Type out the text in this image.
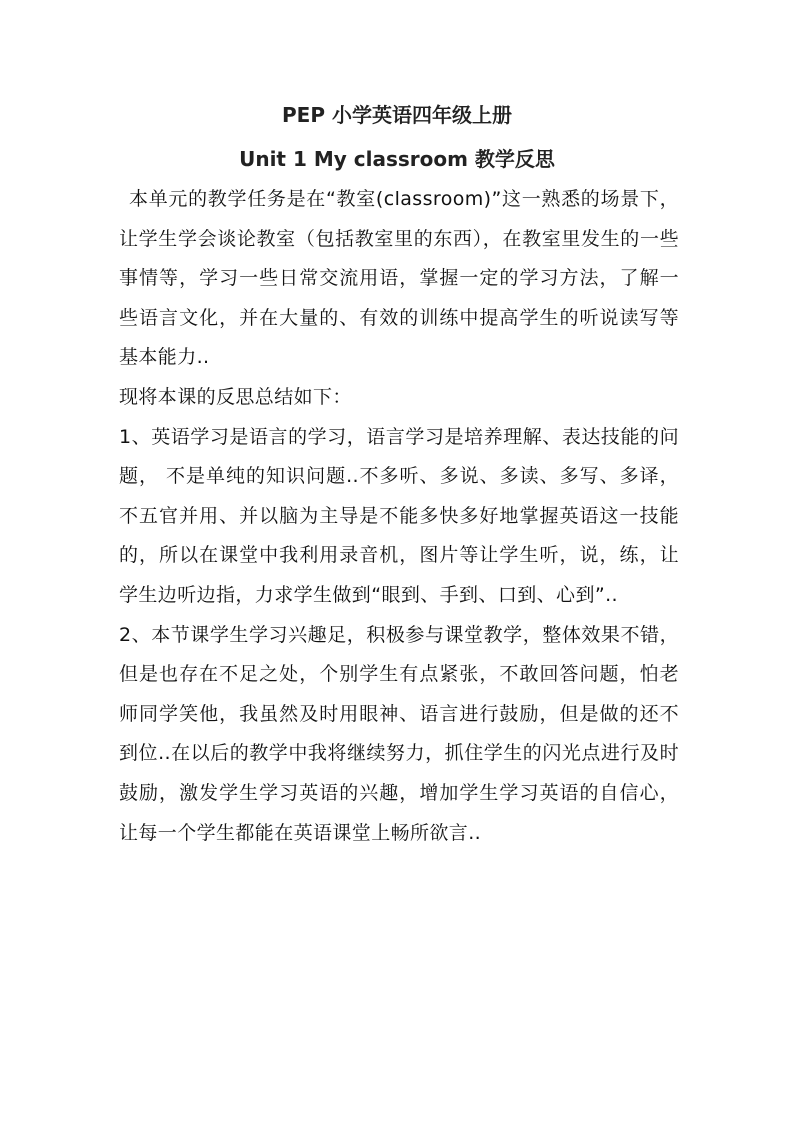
PEP 小学英语四年级上册
Unit 1 My classroom 教学反思

本单元的教学任务是在“教室(classroom)”这一熟悉的场景下，让学生学会谈论教室（包括教室里的东西），在教室里发生的一些事情等，学习一些日常交流用语，掌握一定的学习方法，了解一些语言文化，并在大量的、有效的训练中提高学生的听说读写等基本能力..

现将本课的反思总结如下：

1、英语学习是语言的学习，语言学习是培养理解、表达技能的问题， 不是单纯的知识问题..不多听、多说、多读、多写、多译，不五官并用、并以脑为主导是不能多快多好地掌握英语这一技能的，所以在课堂中我利用录音机，图片等让学生听，说，练，让学生边听边指，力求学生做到“眼到、手到、口到、心到”..

2、本节课学生学习兴趣足，积极参与课堂教学，整体效果不错，但是也存在不足之处，个别学生有点紧张，不敢回答问题，怕老师同学笑他，我虽然及时用眼神、语言进行鼓励，但是做的还不到位..在以后的教学中我将继续努力，抓住学生的闪光点进行及时鼓励，激发学生学习英语的兴趣，增加学生学习英语的自信心，让每一个学生都能在英语课堂上畅所欲言..
